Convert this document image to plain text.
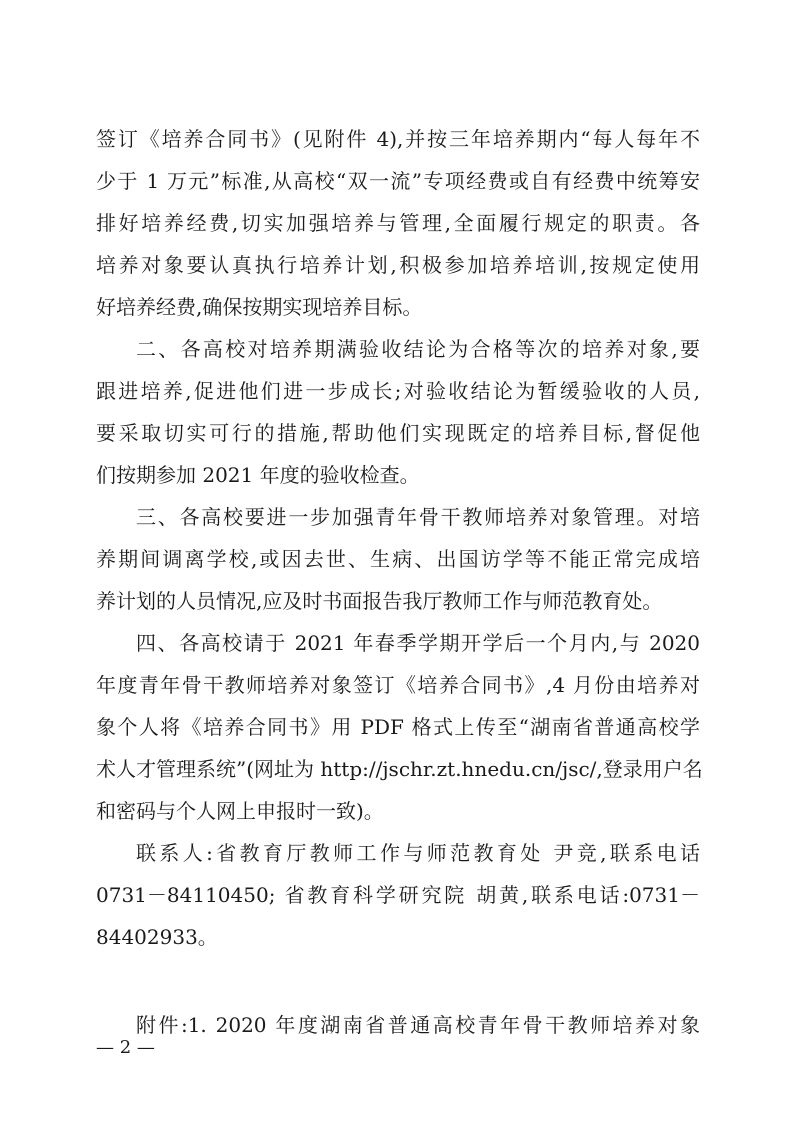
签订《培养合同书》(见附件 4),并按三年培养期内“每人每年不
少于 1 万元”标准,从高校“双一流”专项经费或自有经费中统筹安
排好培养经费,切实加强培养与管理,全面履行规定的职责。各
培养对象要认真执行培养计划,积极参加培养培训,按规定使用
好培养经费,确保按期实现培养目标。
二、各高校对培养期满验收结论为合格等次的培养对象,要
跟进培养,促进他们进一步成长;对验收结论为暂缓验收的人员,
要采取切实可行的措施,帮助他们实现既定的培养目标,督促他
们按期参加 2021 年度的验收检查。
三、各高校要进一步加强青年骨干教师培养对象管理。对培
养期间调离学校,或因去世、生病、出国访学等不能正常完成培
养计划的人员情况,应及时书面报告我厅教师工作与师范教育处。
四、各高校请于 2021 年春季学期开学后一个月内,与 2020
年度青年骨干教师培养对象签订《培养合同书》,4 月份由培养对
象个人将《培养合同书》用 PDF 格式上传至“湖南省普通高校学
术人才管理系统”(网址为 http://jschr.zt.hnedu.cn/jsc/,登录用户名
和密码与个人网上申报时一致)。
联系人:省教育厅教师工作与师范教育处 尹竞,联系电话
0731－84110450; 省教育科学研究院 胡黄,联系电话:0731－
84402933。
附件:1. 2020 年度湖南省普通高校青年骨干教师培养对象
— 2 —
